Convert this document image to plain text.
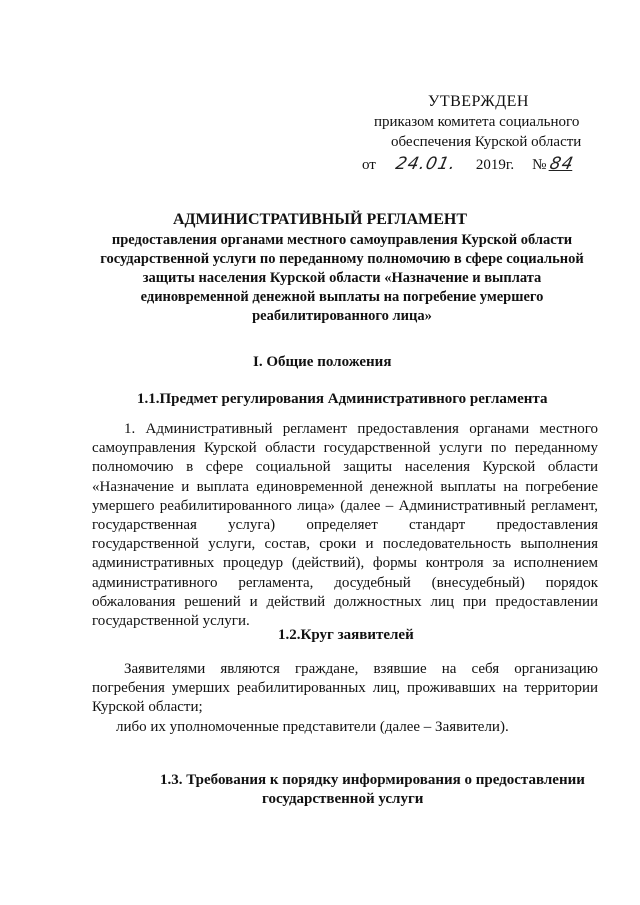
УТВЕРЖДЕН
приказом комитета социального
обеспечения Курской области
от 24.01. 2019г. № 84
АДМИНИСТРАТИВНЫЙ РЕГЛАМЕНТ

предоставления органами местного самоуправления Курской области государственной услуги по переданному полномочию в сфере социальной защиты населения Курской области «Назначение и выплата единовременной денежной выплаты на погребение умершего реабилитированного лица»

I. Общие положения
1.1.Предмет регулирования Административного регламента

1. Административный регламент предоставления органами местного самоуправления Курской области государственной услуги по переданному полномочию в сфере социальной защиты населения Курской области «Назначение и выплата единовременной денежной выплаты на погребение умершего реабилитированного лица» (далее – Административный регламент, государственная услуга) определяет стандарт предоставления государственной услуги, состав, сроки и последовательность выполнения административных процедур (действий), формы контроля за исполнением административного регламента, досудебный (внесудебный) порядок обжалования решений и действий должностных лиц при предоставлении государственной услуги.

1.2.Круг заявителей

Заявителями являются граждане, взявшие на себя организацию погребения умерших реабилитированных лиц, проживавших на территории Курской области;

либо их уполномоченные представители (далее – Заявители).

1.3. Требования к порядку информирования о предоставлении
государственной услуги
